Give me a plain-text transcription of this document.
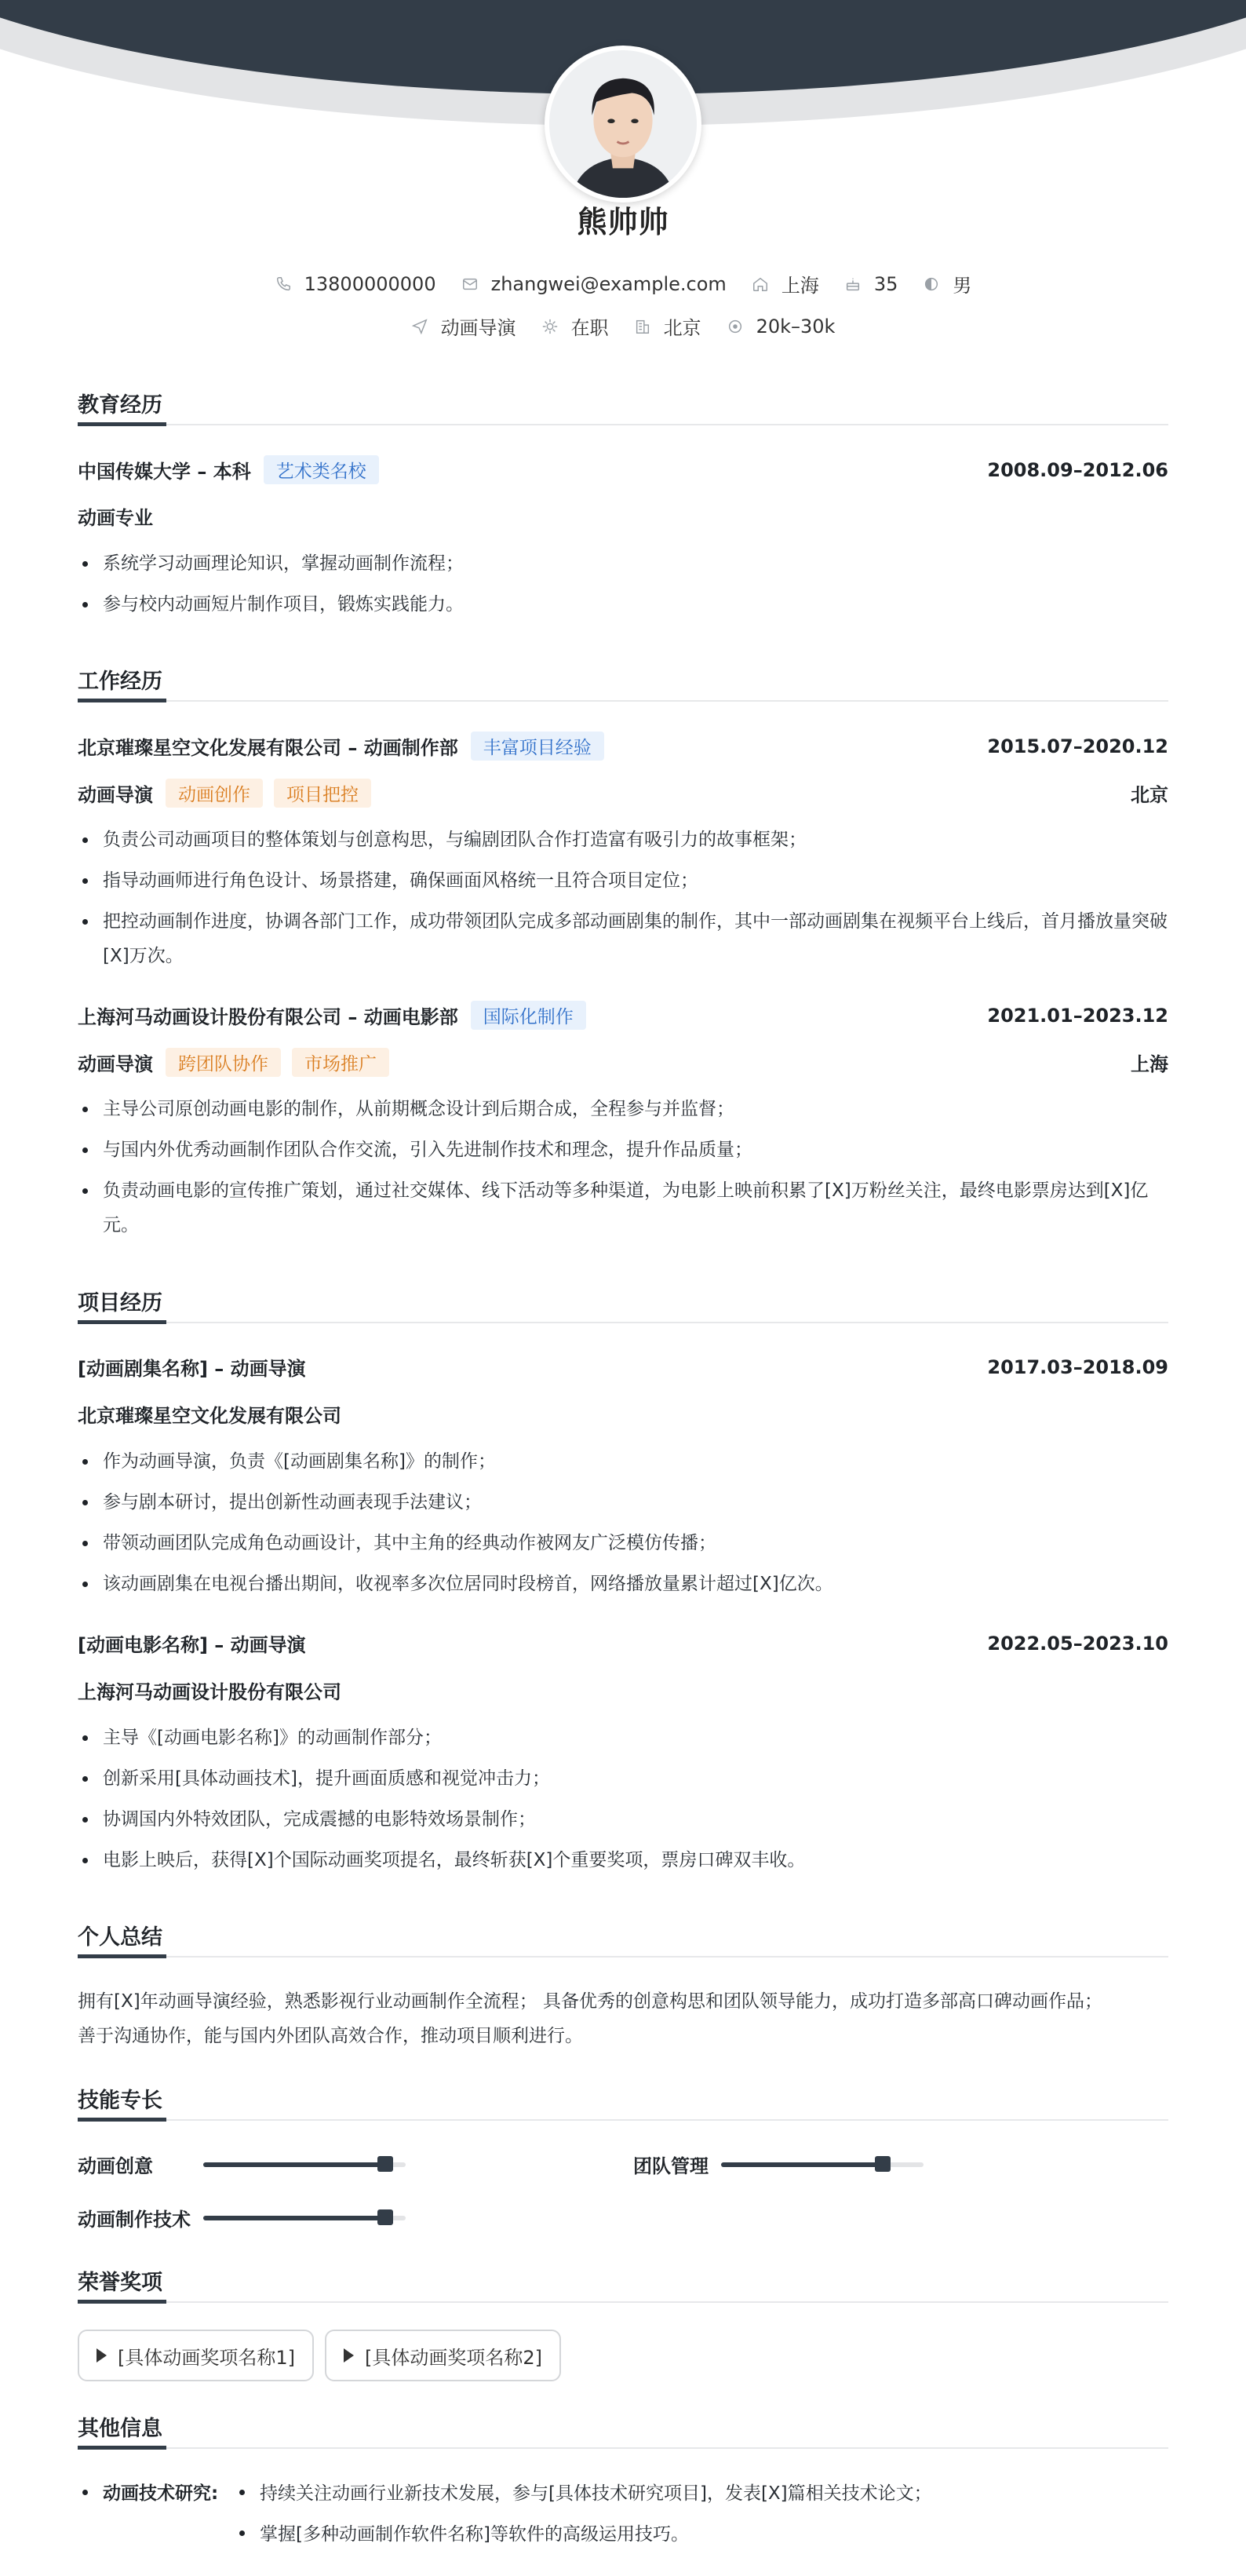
熊帅帅
13800000000	zhangwei@example.com	上海	35	男
动画导演	在职	北京	20k–30k
教育经历
中国传媒大学 – 本科	艺术类名校	2008.09–2012.06
动画专业
系统学习动画理论知识，掌握动画制作流程；
参与校内动画短片制作项目，锻炼实践能力。
工作经历
北京璀璨星空文化发展有限公司 – 动画制作部	丰富项目经验	2015.07–2020.12
动画导演	动画创作	项目把控	北京
负责公司动画项目的整体策划与创意构思，与编剧团队合作打造富有吸引力的故事框架；
指导动画师进行角色设计、场景搭建，确保画面风格统一且符合项目定位；
把控动画制作进度，协调各部门工作，成功带领团队完成多部动画剧集的制作，其中一部动画剧集在视频平台上线后，首月播放量突破[X]万次。
上海河马动画设计股份有限公司 – 动画电影部	国际化制作	2021.01–2023.12
动画导演	跨团队协作	市场推广	上海
主导公司原创动画电影的制作，从前期概念设计到后期合成，全程参与并监督；
与国内外优秀动画制作团队合作交流，引入先进制作技术和理念，提升作品质量；
负责动画电影的宣传推广策划，通过社交媒体、线下活动等多种渠道，为电影上映前积累了[X]万粉丝关注，最终电影票房达到[X]亿元。
项目经历
[动画剧集名称] – 动画导演	2017.03–2018.09
北京璀璨星空文化发展有限公司
作为动画导演，负责《[动画剧集名称]》的制作；
参与剧本研讨，提出创新性动画表现手法建议；
带领动画团队完成角色动画设计，其中主角的经典动作被网友广泛模仿传播；
该动画剧集在电视台播出期间，收视率多次位居同时段榜首，网络播放量累计超过[X]亿次。
[动画电影名称] – 动画导演	2022.05–2023.10
上海河马动画设计股份有限公司
主导《[动画电影名称]》的动画制作部分；
创新采用[具体动画技术]，提升画面质感和视觉冲击力；
协调国内外特效团队，完成震撼的电影特效场景制作；
电影上映后，获得[X]个国际动画奖项提名，最终斩获[X]个重要奖项，票房口碑双丰收。
个人总结
拥有[X]年动画导演经验，熟悉影视行业动画制作全流程； 具备优秀的创意构思和团队领导能力，成功打造多部高口碑动画作品；
善于沟通协作，能与国内外团队高效合作，推动项目顺利进行。
技能专长
动画创意	团队管理
动画制作技术
荣誉奖项
[具体动画奖项名称1]	[具体动画奖项名称2]
其他信息
动画技术研究: 持续关注动画行业新技术发展，参与[具体技术研究项目]，发表[X]篇相关技术论文；
掌握[多种动画制作软件名称]等软件的高级运用技巧。
